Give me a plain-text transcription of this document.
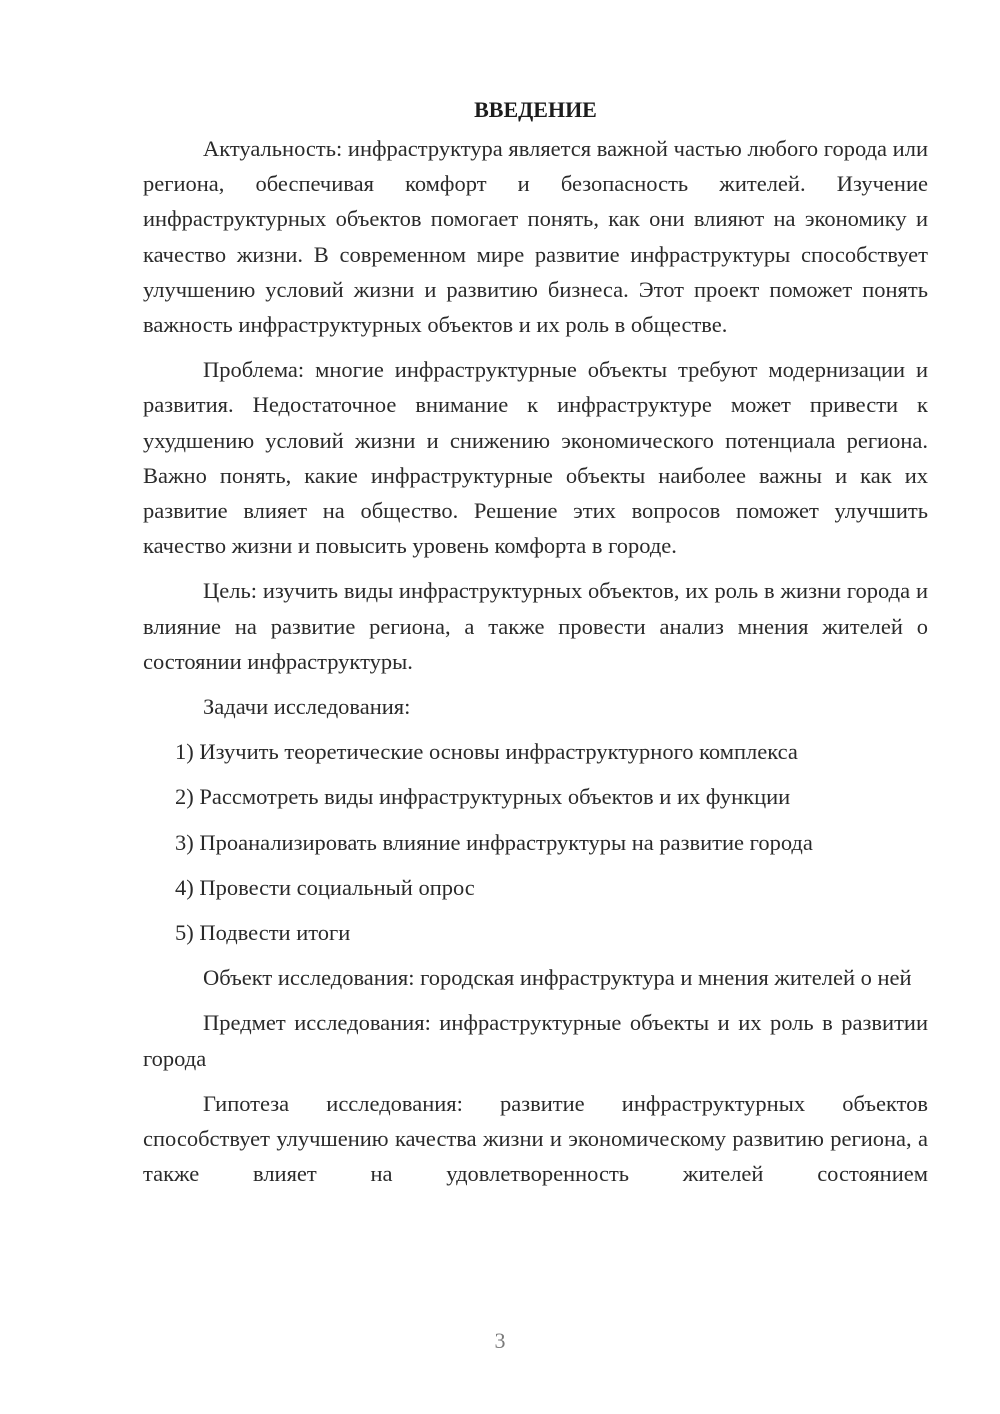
ВВЕДЕНИЕ

Актуальность: инфраструктура является важной частью любого города или региона, обеспечивая комфорт и безопасность жителей. Изучение инфраструктурных объектов помогает понять, как они влияют на экономику и качество жизни. В современном мире развитие инфраструктуры способствует улучшению условий жизни и развитию бизнеса. Этот проект поможет понять важность инфраструктурных объектов и их роль в обществе.

Проблема: многие инфраструктурные объекты требуют модернизации и развития. Недостаточное внимание к инфраструктуре может привести к ухудшению условий жизни и снижению экономического потенциала региона. Важно понять, какие инфраструктурные объекты наиболее важны и как их развитие влияет на общество. Решение этих вопросов поможет улучшить качество жизни и повысить уровень комфорта в городе.

Цель: изучить виды инфраструктурных объектов, их роль в жизни города и влияние на развитие региона, а также провести анализ мнения жителей о состоянии инфраструктуры.

Задачи исследования:

1) Изучить теоретические основы инфраструктурного комплекса
2) Рассмотреть виды инфраструктурных объектов и их функции
3) Проанализировать влияние инфраструктуры на развитие города
4) Провести социальный опрос
5) Подвести итоги

Объект исследования: городская инфраструктура и мнения жителей о ней

Предмет исследования: инфраструктурные объекты и их роль в развитии города

Гипотеза исследования: развитие инфраструктурных объектов способствует улучшению качества жизни и экономическому развитию региона, а также влияет на удовлетворенность жителей состоянием

3
